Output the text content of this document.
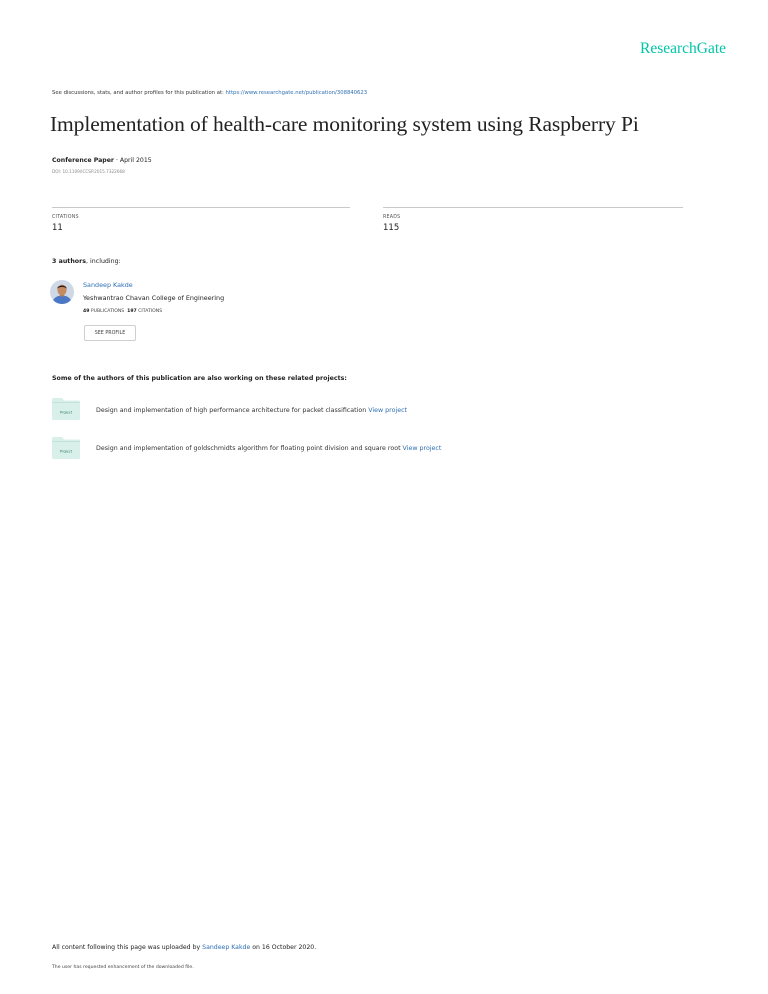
ResearchGate
See discussions, stats, and author profiles for this publication at: https://www.researchgate.net/publication/308840623
Implementation of health-care monitoring system using Raspberry Pi
Conference Paper · April 2015
DOI: 10.1109/ICCSP.2015.7322668
CITATIONS
11
READS
115
3 authors, including:
Sandeep Kakde
Yeshwantrao Chavan College of Engineering
49 PUBLICATIONS 197 CITATIONS
SEE PROFILE
Some of the authors of this publication are also working on these related projects:
Project	Design and implementation of high performance architecture for packet classification View project
Project	Design and implementation of goldschmidts algorithm for floating point division and square root View project
All content following this page was uploaded by Sandeep Kakde on 16 October 2020.
The user has requested enhancement of the downloaded file.
